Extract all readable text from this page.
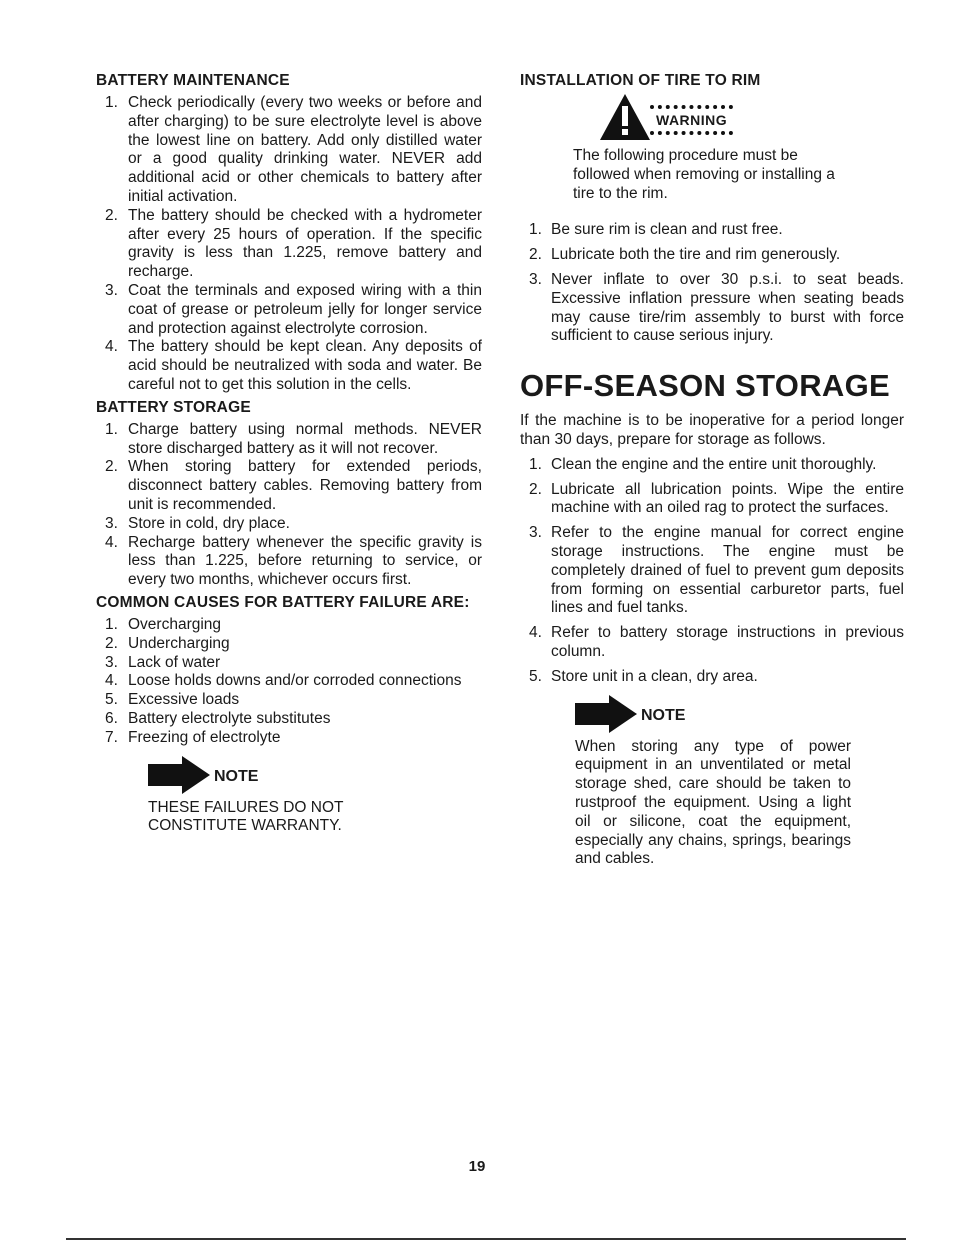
BATTERY MAINTENANCE
1. Check periodically (every two weeks or before and after charging) to be sure electrolyte level is above the lowest line on battery. Add only distilled water or a good quality drinking water. NEVER add additional acid or other chemicals to battery after initial activation.
2. The battery should be checked with a hydrometer after every 25 hours of operation. If the specific gravity is less than 1.225, remove battery and recharge.
3. Coat the terminals and exposed wiring with a thin coat of grease or petroleum jelly for longer service and protection against electrolyte corrosion.
4. The battery should be kept clean. Any deposits of acid should be neutralized with soda and water. Be careful not to get this solution in the cells.
BATTERY STORAGE
1. Charge battery using normal methods. NEVER store discharged battery as it will not recover.
2. When storing battery for extended periods, disconnect battery cables. Removing battery from unit is recommended.
3. Store in cold, dry place.
4. Recharge battery whenever the specific gravity is less than 1.225, before returning to service, or every two months, whichever occurs first.
COMMON CAUSES FOR BATTERY FAILURE ARE:
1. Overcharging
2. Undercharging
3. Lack of water
4. Loose holds downs and/or corroded connections
5. Excessive loads
6. Battery electrolyte substitutes
7. Freezing of electrolyte
NOTE
THESE FAILURES DO NOT CONSTITUTE WARRANTY.
INSTALLATION OF TIRE TO RIM
WARNING

The following procedure must be followed when removing or installing a tire to the rim.

1. Be sure rim is clean and rust free.
2. Lubricate both the tire and rim generously.
3. Never inflate to over 30 p.s.i. to seat beads. Excessive inflation pressure when seating beads may cause tire/rim assembly to burst with force sufficient to cause serious injury.
OFF-SEASON STORAGE

If the machine is to be inoperative for a period longer than 30 days, prepare for storage as follows.

1. Clean the engine and the entire unit thoroughly.
2. Lubricate all lubrication points. Wipe the entire machine with an oiled rag to protect the surfaces.
3. Refer to the engine manual for correct engine storage instructions. The engine must be completely drained of fuel to prevent gum deposits from forming on essential carburetor parts, fuel lines and fuel tanks.
4. Refer to battery storage instructions in previous column.
5. Store unit in a clean, dry area.
NOTE
When storing any type of power equipment in an unventilated or metal storage shed, care should be taken to rustproof the equipment. Using a light oil or silicone, coat the equipment, especially any chains, springs, bearings and cables.
19
